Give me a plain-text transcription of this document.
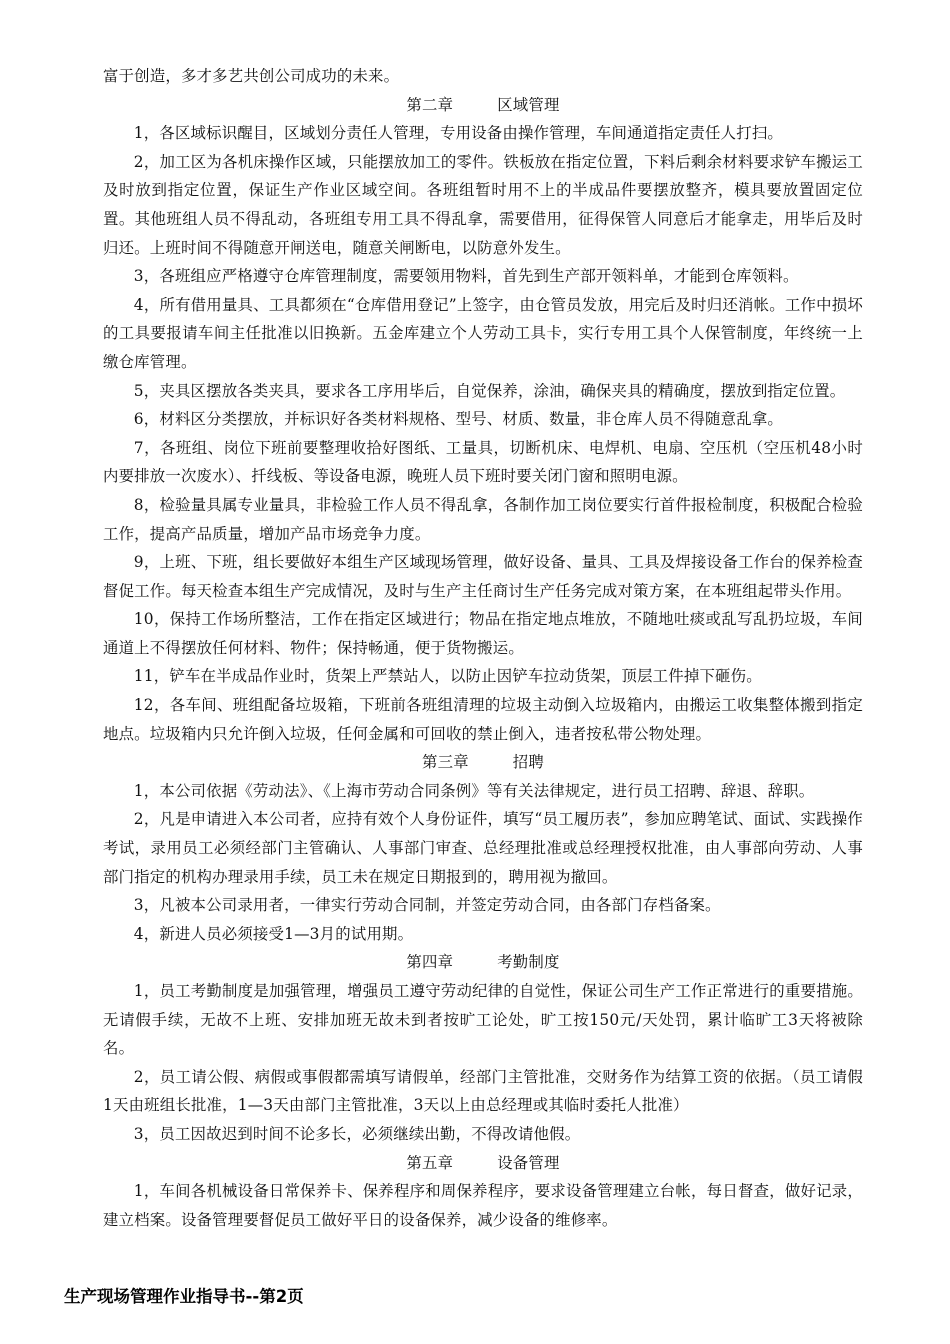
富于创造，多才多艺共创公司成功的未来。

第二章	区域管理

1，各区域标识醒目，区域划分责任人管理，专用设备由操作管理，车间通道指定责任人打扫。

2，加工区为各机床操作区域，只能摆放加工的零件。铁板放在指定位置，下料后剩余材料要求铲车搬运工及时放到指定位置，保证生产作业区域空间。各班组暂时用不上的半成品件要摆放整齐，模具要放置固定位置。其他班组人员不得乱动，各班组专用工具不得乱拿，需要借用，征得保管人同意后才能拿走，用毕后及时归还。上班时间不得随意开闸送电，随意关闸断电，以防意外发生。

3，各班组应严格遵守仓库管理制度，需要领用物料，首先到生产部开领料单，才能到仓库领料。

4，所有借用量具、工具都须在“仓库借用登记”上签字，由仓管员发放，用完后及时归还消帐。工作中损坏的工具要报请车间主任批准以旧换新。五金库建立个人劳动工具卡，实行专用工具个人保管制度，年终统一上缴仓库管理。

5，夹具区摆放各类夹具，要求各工序用毕后，自觉保养，涂油，确保夹具的精确度，摆放到指定位置。

6，材料区分类摆放，并标识好各类材料规格、型号、材质、数量，非仓库人员不得随意乱拿。

7，各班组、岗位下班前要整理收拾好图纸、工量具，切断机床、电焊机、电扇、空压机（空压机48小时内要排放一次废水）、扦线板、等设备电源，晚班人员下班时要关闭门窗和照明电源。

8，检验量具属专业量具，非检验工作人员不得乱拿，各制作加工岗位要实行首件报检制度，积极配合检验工作，提高产品质量，增加产品市场竞争力度。

9，上班、下班，组长要做好本组生产区域现场管理，做好设备、量具、工具及焊接设备工作台的保养检查督促工作。每天检查本组生产完成情况，及时与生产主任商讨生产任务完成对策方案，在本班组起带头作用。

10，保持工作场所整洁，工作在指定区域进行；物品在指定地点堆放，不随地吐痰或乱写乱扔垃圾，车间通道上不得摆放任何材料、物件；保持畅通，便于货物搬运。

11，铲车在半成品作业时，货架上严禁站人，以防止因铲车拉动货架，顶层工件掉下砸伤。

12，各车间、班组配备垃圾箱，下班前各班组清理的垃圾主动倒入垃圾箱内，由搬运工收集整体搬到指定地点。垃圾箱内只允许倒入垃圾，任何金属和可回收的禁止倒入，违者按私带公物处理。

第三章	招聘

1，本公司依据《劳动法》、《上海市劳动合同条例》等有关法律规定，进行员工招聘、辞退、辞职。

2，凡是申请进入本公司者，应持有效个人身份证件，填写“员工履历表”，参加应聘笔试、面试、实践操作考试，录用员工必须经部门主管确认、人事部门审查、总经理批准或总经理授权批准，由人事部向劳动、人事部门指定的机构办理录用手续，员工未在规定日期报到的，聘用视为撤回。

3，凡被本公司录用者，一律实行劳动合同制，并签定劳动合同，由各部门存档备案。

4，新进人员必须接受1—3月的试用期。

第四章	考勤制度

1，员工考勤制度是加强管理，增强员工遵守劳动纪律的自觉性，保证公司生产工作正常进行的重要措施。无请假手续，无故不上班、安排加班无故未到者按旷工论处，旷工按150元/天处罚，累计临旷工3天将被除名。

2，员工请公假、病假或事假都需填写请假单，经部门主管批准，交财务作为结算工资的依据。（员工请假1天由班组长批准，1—3天由部门主管批准，3天以上由总经理或其临时委托人批准）

3，员工因故迟到时间不论多长，必须继续出勤，不得改请他假。

第五章	设备管理

1，车间各机械设备日常保养卡、保养程序和周保养程序，要求设备管理建立台帐，每日督查，做好记录，建立档案。设备管理要督促员工做好平日的设备保养，减少设备的维修率。

生产现场管理作业指导书--第2页
